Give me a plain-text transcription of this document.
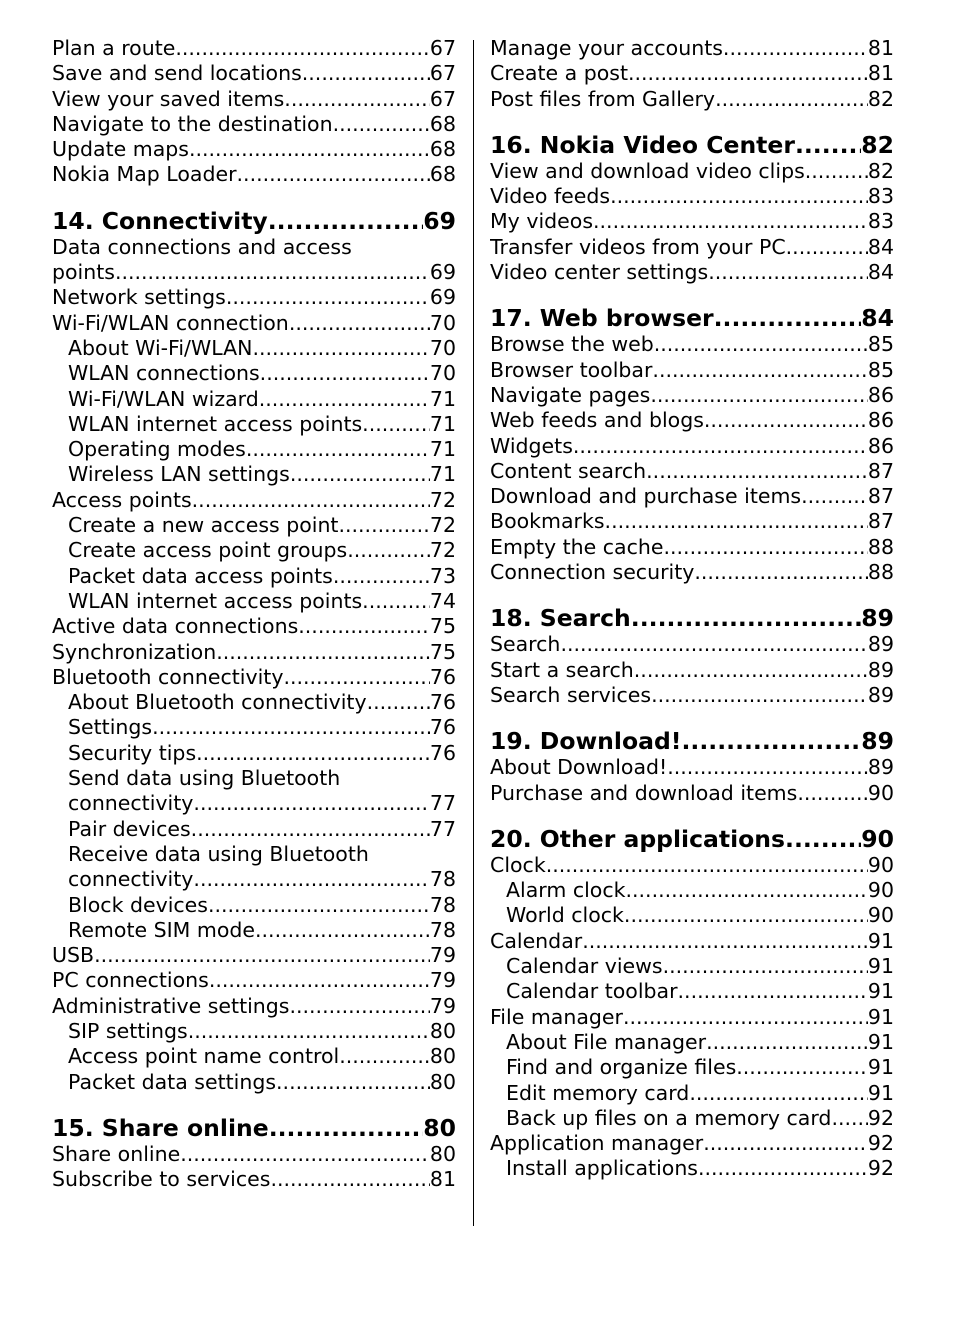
Plan a route .....	67
Save and send locations .....	67
View your saved items .....	67
Navigate to the destination .....	68
Update maps .....	68
Nokia Map Loader .....	68
14. Connectivity .....	69
Data connections and access
points .....	69
Network settings .....	69
Wi-Fi/WLAN connection .....	70
About Wi-Fi/WLAN .....	70
WLAN connections .....	70
Wi-Fi/WLAN wizard .....	71
WLAN internet access points .....	71
Operating modes .....	71
Wireless LAN settings .....	71
Access points .....	72
Create a new access point .....	72
Create access point groups .....	72
Packet data access points .....	73
WLAN internet access points .....	74
Active data connections .....	75
Synchronization .....	75
Bluetooth connectivity .....	76
About Bluetooth connectivity .....	76
Settings .....	76
Security tips .....	76
Send data using Bluetooth
connectivity .....	77
Pair devices .....	77
Receive data using Bluetooth
connectivity .....	78
Block devices .....	78
Remote SIM mode .....	78
USB .....	79
PC connections .....	79
Administrative settings .....	79
SIP settings .....	80
Access point name control .....	80
Packet data settings .....	80
15. Share online .....	80
Share online .....	80
Subscribe to services .....	81
Manage your accounts .....	81
Create a post .....	81
Post files from Gallery .....	82
16. Nokia Video Center .....	82
View and download video clips .....	82
Video feeds .....	83
My videos .....	83
Transfer videos from your PC .....	84
Video center settings .....	84
17. Web browser .....	84
Browse the web .....	85
Browser toolbar .....	85
Navigate pages .....	86
Web feeds and blogs .....	86
Widgets .....	86
Content search .....	87
Download and purchase items .....	87
Bookmarks .....	87
Empty the cache .....	88
Connection security .....	88
18. Search .....	89
Search .....	89
Start a search .....	89
Search services .....	89
19. Download! .....	89
About Download! .....	89
Purchase and download items .....	90
20. Other applications .....	90
Clock .....	90
Alarm clock .....	90
World clock .....	90
Calendar .....	91
Calendar views .....	91
Calendar toolbar .....	91
File manager .....	91
About File manager .....	91
Find and organize files .....	91
Edit memory card .....	91
Back up files on a memory card ..... 92
Application manager .....	92
Install applications .....	92
